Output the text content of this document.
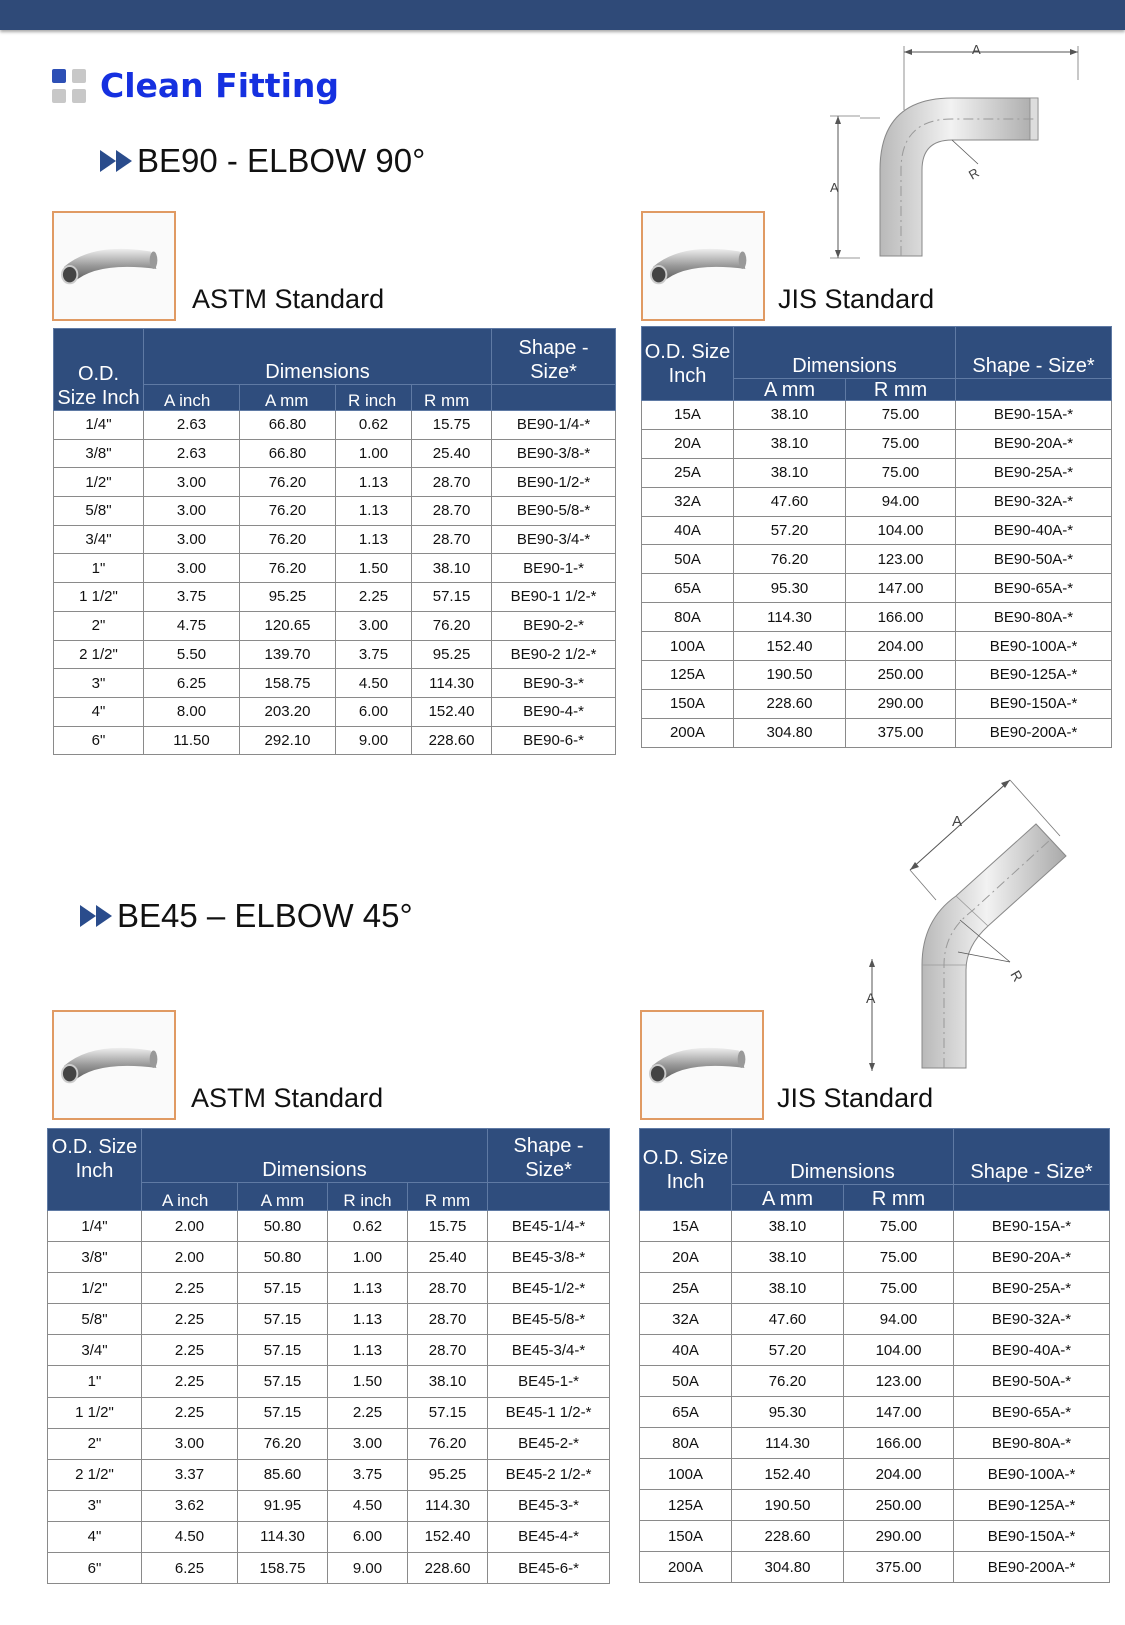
Clean Fitting
BE90 - ELBOW 90°
A
R
A
ASTM Standard
O.D. Size Inch	Dimensions				Shape - Size*
	A inch	A mm	R inch	R mm	
1/4"	2.63	66.80	0.62	15.75	BE90-1/4-*
3/8"	2.63	66.80	1.00	25.40	BE90-3/8-*
1/2"	3.00	76.20	1.13	28.70	BE90-1/2-*
5/8"	3.00	76.20	1.13	28.70	BE90-5/8-*
3/4"	3.00	76.20	1.13	28.70	BE90-3/4-*
1"	3.00	76.20	1.50	38.10	BE90-1-*
1 1/2"	3.75	95.25	2.25	57.15	BE90-1 1/2-*
2"	4.75	120.65	3.00	76.20	BE90-2-*
2 1/2"	5.50	139.70	3.75	95.25	BE90-2 1/2-*
3"	6.25	158.75	4.50	114.30	BE90-3-*
4"	8.00	203.20	6.00	152.40	BE90-4-*
6"	11.50	292.10	9.00	228.60	BE90-6-*
JIS Standard
O.D. Size Inch	Dimensions		Shape - Size*
	A mm	R mm	
15A	38.10	75.00	BE90-15A-*
20A	38.10	75.00	BE90-20A-*
25A	38.10	75.00	BE90-25A-*
32A	47.60	94.00	BE90-32A-*
40A	57.20	104.00	BE90-40A-*
50A	76.20	123.00	BE90-50A-*
65A	95.30	147.00	BE90-65A-*
80A	114.30	166.00	BE90-80A-*
100A	152.40	204.00	BE90-100A-*
125A	190.50	250.00	BE90-125A-*
150A	228.60	290.00	BE90-150A-*
200A	304.80	375.00	BE90-200A-*
BE45 – ELBOW 45°
A
R
A
ASTM Standard
O.D. Size Inch	Dimensions				Shape - Size*
	A inch	A mm	R inch	R mm	
1/4"	2.00	50.80	0.62	15.75	BE45-1/4-*
3/8"	2.00	50.80	1.00	25.40	BE45-3/8-*
1/2"	2.25	57.15	1.13	28.70	BE45-1/2-*
5/8"	2.25	57.15	1.13	28.70	BE45-5/8-*
3/4"	2.25	57.15	1.13	28.70	BE45-3/4-*
1"	2.25	57.15	1.50	38.10	BE45-1-*
1 1/2"	2.25	57.15	2.25	57.15	BE45-1 1/2-*
2"	3.00	76.20	3.00	76.20	BE45-2-*
2 1/2"	3.37	85.60	3.75	95.25	BE45-2 1/2-*
3"	3.62	91.95	4.50	114.30	BE45-3-*
4"	4.50	114.30	6.00	152.40	BE45-4-*
6"	6.25	158.75	9.00	228.60	BE45-6-*
JIS Standard
O.D. Size Inch	Dimensions		Shape - Size*
	A mm	R mm	
15A	38.10	75.00	BE90-15A-*
20A	38.10	75.00	BE90-20A-*
25A	38.10	75.00	BE90-25A-*
32A	47.60	94.00	BE90-32A-*
40A	57.20	104.00	BE90-40A-*
50A	76.20	123.00	BE90-50A-*
65A	95.30	147.00	BE90-65A-*
80A	114.30	166.00	BE90-80A-*
100A	152.40	204.00	BE90-100A-*
125A	190.50	250.00	BE90-125A-*
150A	228.60	290.00	BE90-150A-*
200A	304.80	375.00	BE90-200A-*
